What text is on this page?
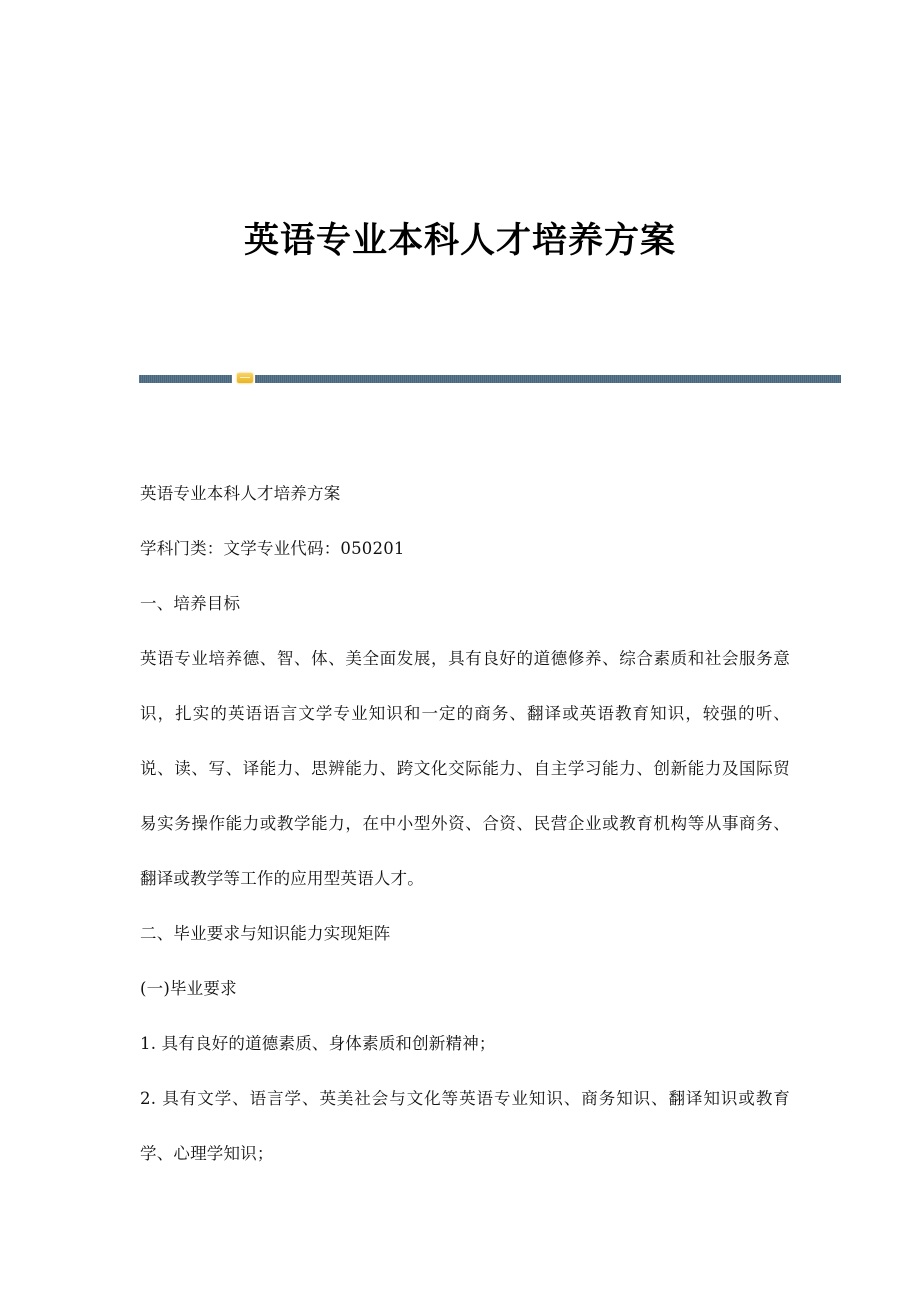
英语专业本科人才培养方案

英语专业本科人才培养方案

学科门类：文学专业代码：050201

一、培养目标

英语专业培养德、智、体、美全面发展，具有良好的道德修养、综合素质和社会服务意识，扎实的英语语言文学专业知识和一定的商务、翻译或英语教育知识，较强的听、说、读、写、译能力、思辨能力、跨文化交际能力、自主学习能力、创新能力及国际贸易实务操作能力或教学能力，在中小型外资、合资、民营企业或教育机构等从事商务、翻译或教学等工作的应用型英语人才。

二、毕业要求与知识能力实现矩阵

(一)毕业要求

1. 具有良好的道德素质、身体素质和创新精神；

2. 具有文学、语言学、英美社会与文化等英语专业知识、商务知识、翻译知识或教育学、心理学知识；
